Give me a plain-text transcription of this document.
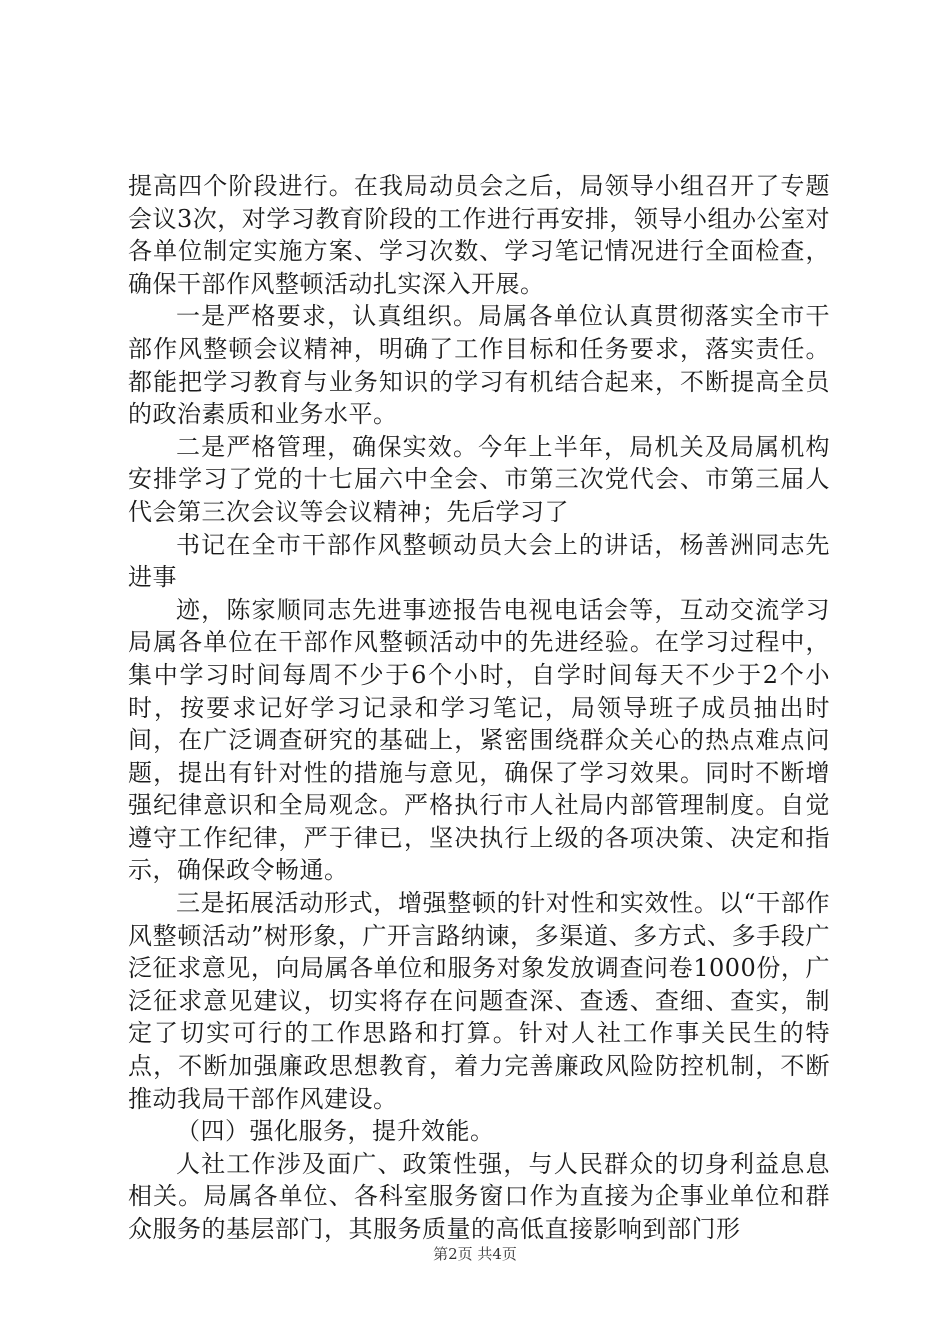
提高四个阶段进行。在我局动员会之后，局领导小组召开了专题会议3次，对学习教育阶段的工作进行再安排，领导小组办公室对各单位制定实施方案、学习次数、学习笔记情况进行全面检查，确保干部作风整顿活动扎实深入开展。

一是严格要求，认真组织。局属各单位认真贯彻落实全市干部作风整顿会议精神，明确了工作目标和任务要求，落实责任。都能把学习教育与业务知识的学习有机结合起来，不断提高全员的政治素质和业务水平。

二是严格管理，确保实效。今年上半年，局机关及局属机构安排学习了党的十七届六中全会、市第三次党代会、市第三届人代会第三次会议等会议精神；先后学习了

书记在全市干部作风整顿动员大会上的讲话，杨善洲同志先进事

迹，陈家顺同志先进事迹报告电视电话会等，互动交流学习局属各单位在干部作风整顿活动中的先进经验。在学习过程中，集中学习时间每周不少于6个小时，自学时间每天不少于2个小时，按要求记好学习记录和学习笔记，局领导班子成员抽出时间，在广泛调查研究的基础上，紧密围绕群众关心的热点难点问题，提出有针对性的措施与意见，确保了学习效果。同时不断增强纪律意识和全局观念。严格执行市人社局内部管理制度。自觉遵守工作纪律，严于律已，坚决执行上级的各项决策、决定和指示，确保政令畅通。

三是拓展活动形式，增强整顿的针对性和实效性。以“干部作风整顿活动”树形象，广开言路纳谏，多渠道、多方式、多手段广泛征求意见，向局属各单位和服务对象发放调查问卷1000份，广泛征求意见建议，切实将存在问题查深、查透、查细、查实，制定了切实可行的工作思路和打算。针对人社工作事关民生的特点，不断加强廉政思想教育，着力完善廉政风险防控机制，不断推动我局干部作风建设。

（四）强化服务，提升效能。

人社工作涉及面广、政策性强，与人民群众的切身利益息息相关。局属各单位、各科室服务窗口作为直接为企事业单位和群众服务的基层部门，其服务质量的高低直接影响到部门形

第2页 共4页
